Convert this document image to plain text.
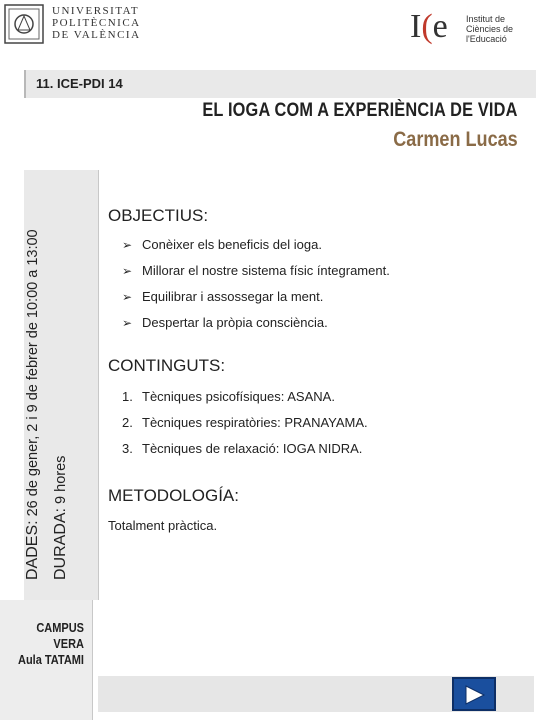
UNIVERSITAT
POLITÈCNICA
DE VALÈNCIA	I(e Institut de
Ciències de
l'Educació
11. ICE-PDI 14
EL IOGA COM A EXPERIÈNCIA DE VIDA
Carmen Lucas
DADES: 26 de gener, 2 i 9 de febrer de 10:00 a 13:00
DURADA: 9 hores
CAMPUS
VERA
Aula TATAMI
OBJECTIUS:
➢ Conèixer els beneficis del ioga.
➢ Millorar el nostre sistema físic íntegrament.
➢ Equilibrar i assossegar la ment.
➢ Despertar la pròpia consciència.
CONTINGUTS:
1. Tècniques psicofísiques: ASANA.
2. Tècniques respiratòries: PRANAYAMA.
3. Tècniques de relaxació: IOGA NIDRA.
METODOLOGÍA:
Totalment pràctica.
